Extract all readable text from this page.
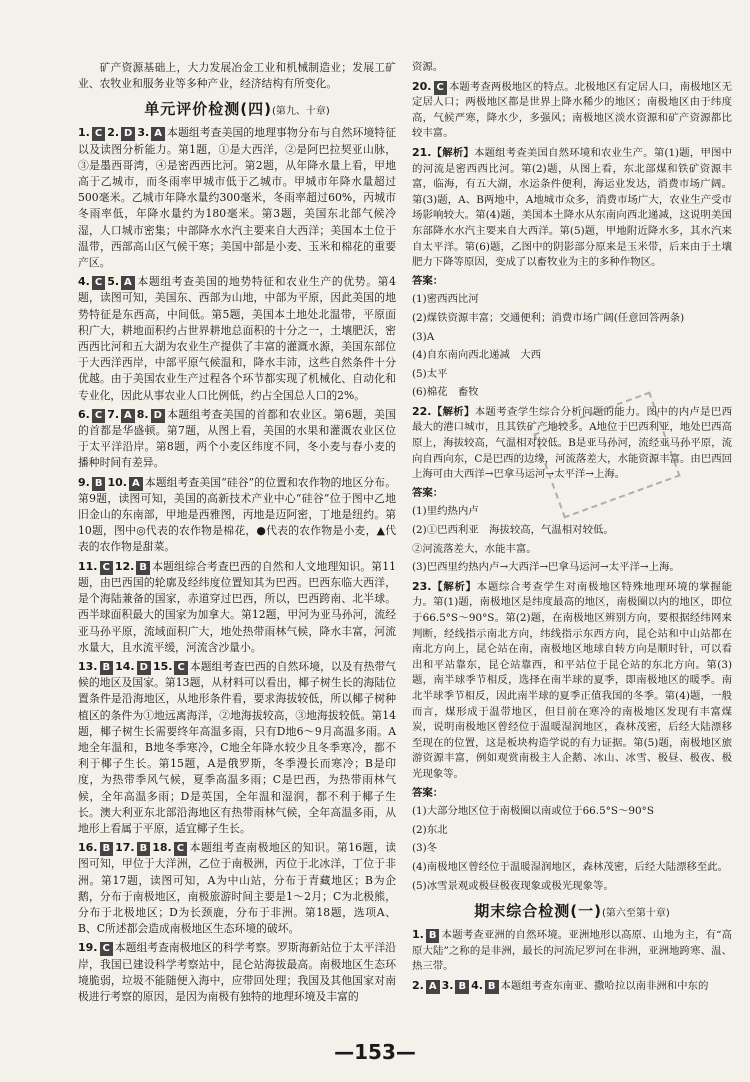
矿产资源基础上，大力发展冶金工业和机械制造业；发展工矿业、农牧业和服务业等多种产业，经济结构有所变化。

单元评价检测(四)(第九、十章)

1. C 2. D 3. A 本题组考查美国的地理事物分布与自然环境特征以及读图分析能力。第1题，①是大西洋，②是阿巴拉契亚山脉，③是墨西哥湾，④是密西西比河。第2题，从年降水量上看，甲地高于乙城市，而冬雨率甲城市低于乙城市。甲城市年降水量超过500毫米。乙城市年降水量约300毫米，冬雨率超过60%，丙城市冬雨率低，年降水量约为180毫米。第3题，美国东北部气候冷湿，人口城市密集；中部降水水汽主要来自大西洋；美国本土位于温带，西部高山区气候干寒；美国中部是小麦、玉米和棉花的重要产区。

4. C 5. A 本题组考查美国的地势特征和农业生产的优势。第4题，读图可知，美国东、西部为山地，中部为平原，因此美国的地势特征是东西高，中间低。第5题，美国本土地处北温带，平原面积广大，耕地面积约占世界耕地总面积的十分之一，土壤肥沃，密西西比河和五大湖为农业生产提供了丰富的灌溉水源，美国东部位于大西洋西岸，中部平原气候温和，降水丰沛，这些自然条件十分优越。由于美国农业生产过程各个环节都实现了机械化、自动化和专业化，因此从事农业人口比例低，约占全国总人口的2%。

6. C 7. A 8. D 本题组考查美国的首都和农业区。第6题，美国的首都是华盛顿。第7题，从图上看，美国的水果和灌溉农业区位于太平洋沿岸。第8题，两个小麦区纬度不同，冬小麦与春小麦的播种时间有差异。

9. B 10. A 本题组考查美国“硅谷”的位置和农作物的地区分布。第9题，读图可知，美国的高新技术产业中心“硅谷”位于图中乙地旧金山的东南部，甲地是西雅图，丙地是迈阿密，丁地是纽约。第10题，图中◎代表的农作物是棉花，●代表的农作物是小麦，▲代表的农作物是甜菜。

11. C 12. B 本题组综合考查巴西的自然和人文地理知识。第11题，由巴西国的轮廓及经纬度位置知其为巴西。巴西东临大西洋，是个海陆兼备的国家，赤道穿过巴西，所以，巴西跨南、北半球。西半球面积最大的国家为加拿大。第12题，甲河为亚马孙河，流经亚马孙平原，流域面积广大，地处热带雨林气候，降水丰富，河流水量大，且水流平缓，河流含沙量小。

13. B 14. D 15. C 本题组考查巴西的自然环境，以及有热带气候的地区及国家。第13题，从材料可以看出，椰子树生长的海陆位置条件是沿海地区，从地形条件看，要求海拔较低，所以椰子树种植区的条件为①地远离海洋，②地海拔较高，③地海拔较低。第14题，椰子树生长需要终年高温多雨，只有D地6～9月高温多雨。A地全年温和，B地冬季寒冷，C地全年降水较少且冬季寒冷，都不利于椰子生长。第15题，A是俄罗斯，冬季漫长而寒冷；B是印度，为热带季风气候，夏季高温多雨；C是巴西，为热带雨林气候，全年高温多雨；D是英国，全年温和湿润，都不利于椰子生长。澳大利亚东北部沿海地区有热带雨林气候，全年高温多雨，从地形上看属于平原，适宜椰子生长。

16. B 17. B 18. C 本题组考查南极地区的知识。第16题，读图可知，甲位于大洋洲，乙位于南极洲，丙位于北冰洋，丁位于非洲。第17题，读图可知，A为中山站，分布于青藏地区；B为企鹅，分布于南极地区，南极旅游时间主要是1～2月；C为北极熊，分布于北极地区；D为长颈鹿，分布于非洲。第18题，选项A、B、C所述都会造成南极地区生态环境的破坏。

19. C 本题组考查南极地区的科学考察。罗斯海新站位于太平洋沿岸，我国已建设科学考察站中，昆仑站海拔最高。南极地区生态环境脆弱，垃圾不能随便入海中，应带回处理；我国及其他国家对南极进行考察的原因，是因为南极有独特的地理环境及丰富的

资源。

20. C 本题考查两极地区的特点。北极地区有定居人口，南极地区无定居人口；两极地区都是世界上降水稀少的地区；南极地区由于纬度高，气候严寒，降水少，多强风；南极地区淡水资源和矿产资源都比较丰富。

21.【解析】本题组考查美国自然环境和农业生产。第(1)题，甲图中的河流是密西西比河。第(2)题，从图上看，东北部煤和铁矿资源丰富，临海，有五大湖，水运条件便利，海运业发达，消费市场广阔。第(3)题，A、B两地中，A地城市众多，消费市场广大，农业生产受市场影响较大。第(4)题，美国本土降水从东南向西北递减，这说明美国东部降水水汽主要来自大西洋。第(5)题，甲地附近降水多，其水汽来自太平洋。第(6)题，乙图中的阴影部分原来是玉米带，后来由于土壤肥力下降等原因，变成了以畜牧业为主的多种作物区。

答案：

(1)密西西比河

(2)煤铁资源丰富；交通便利；消费市场广阔(任意回答两条)

(3)A

(4)自东南向西北递减　大西

(5)太平

(6)棉花　畜牧

22.【解析】本题考查学生综合分析问题的能力。图中的内卢是巴西最大的港口城市，且其铁矿产地较多。A地位于巴西利亚，地处巴西高原上，海拔较高，气温相对较低。B是亚马孙河，流经亚马孙平原，流向自西向东，C是巴西的边缘，河流落差大，水能资源丰富。由巴西回上海可由大西洋→巴拿马运河→太平洋→上海。

答案：

(1)里约热内卢

(2)①巴西利亚　海拔较高，气温相对较低。

②河流落差大，水能丰富。

(3)巴西里约热内卢→大西洋→巴拿马运河→太平洋→上海。

23.【解析】本题综合考查学生对南极地区特殊地理环境的掌握能力。第(1)题，南极地区是纬度最高的地区，南极圈以内的地区，即位于66.5°S～90°S。第(2)题，在南极地区辨别方向，要根据经纬网来判断，经线指示南北方向，纬线指示东西方向，昆仑站和中山站都在南北方向上，昆仑站在南，南极地区地球自转方向是顺时针，可以看出和平站靠东，昆仑站靠西，和平站位于昆仑站的东北方向。第(3)题，南半球季节相反，选择在南半球的夏季，即南极地区的暖季。南北半球季节相反，因此南半球的夏季正值我国的冬季。第(4)题，一般而言，煤形成于温带地区，但目前在寒冷的南极地区发现有丰富煤炭，说明南极地区曾经位于温暖湿润地区，森林茂密，后经大陆漂移至现在的位置，这是板块构造学说的有力证据。第(5)题，南极地区旅游资源丰富，例如观赏南极主人企鹅、冰山、冰雪、极昼、极夜、极光现象等。

答案：

(1)大部分地区位于南极圈以南或位于66.5°S～90°S

(2)东北

(3)冬

(4)南极地区曾经位于温暖湿润地区，森林茂密，后经大陆漂移至此。

(5)冰雪景观或极昼极夜现象或极光现象等。

期末综合检测(一)(第六至第十章)

1. B 本题考查亚洲的自然环境。亚洲地形以高原、山地为主，有“高原大陆”之称的是非洲，最长的河流尼罗河在非洲，亚洲地跨寒、温、热三带。

2. A 3. B 4. B 本题组考查东南亚、撒哈拉以南非洲和中东的

—153—
